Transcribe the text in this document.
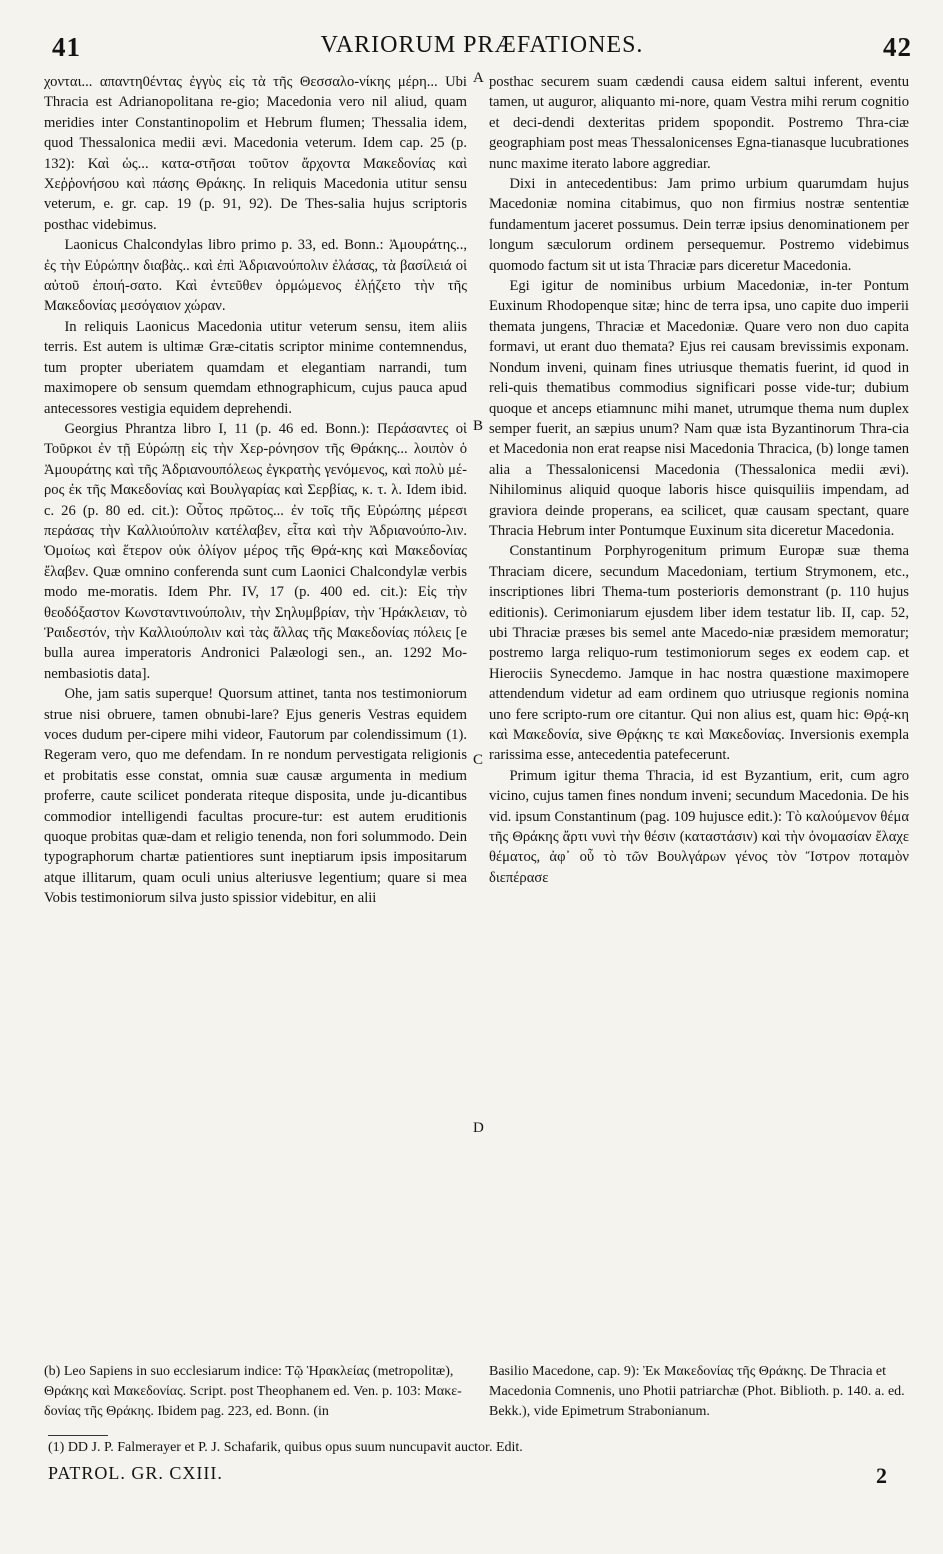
41	VARIORUM PRÆFATIONES.	42

χονται... απαντη0έντας ἐγγὺς εἰς τὰ τῆς Θεσσαλο-νίκης μέρη... Ubi Thracia est Adrianopolitana re-gio; Macedonia vero nil aliud, quam meridies inter Constantinopolim et Hebrum flumen; Thessalia idem, quod Thessalonica medii ævi. Macedonia veterum. Idem cap. 25 (p. 132): Καὶ ὡς... κατα-στῆσαι τοῦτον ἄρχοντα Μακεδονίας καὶ Χεῤῥονήσου καὶ πάσης Θράκης. In reliquis Macedonia utitur sensu veterum, e. gr. cap. 19 (p. 91, 92). De Thes-salia hujus scriptoris posthac videbimus.

Laonicus Chalcondylas libro primo p. 33, ed. Bonn.: Ἀμουράτης.., ἐς τὴν Εὐρώπην διαβὰς.. καὶ ἐπὶ Ἀδριανούπολιν ἐλάσας, τὰ βασίλειά οἱ αὐτοῦ ἐποιή-σατο. Καὶ ἐντεῦθεν ὁρμώμενος ἐλῄζετο τὴν τῆς Μακεδονίας μεσόγαιον χώραν.

In reliquis Laonicus Macedonia utitur veterum sensu, item aliis terris. Est autem is ultimæ Græ-citatis scriptor minime contemnendus, tum propter uberiatem quamdam et elegantiam narrandi, tum maximopere ob sensum quemdam ethnographicum, cujus pauca apud antecessores vestigia equidem deprehendi.

Georgius Phrantza libro I, 11 (p. 46 ed. Bonn.): Περάσαντες οἱ Τοῦρκοι ἐν τῇ Εὐρώπῃ εἰς τὴν Χερ-ρόνησον τῆς Θράκης... λοιπὸν ὁ Ἀμουράτης καὶ τῆς Ἀδριανουπόλεως ἐγκρατὴς γενόμενος, καὶ πολὺ μέ-ρος ἐκ τῆς Μακεδονίας καὶ Βουλγαρίας καὶ Σερβίας, κ. τ. λ. Idem ibid. c. 26 (p. 80 ed. cit.): Οὗτος πρῶτος... ἐν τοῖς τῆς Εὐρώπης μέρεσι περάσας τὴν Καλλιούπολιν κατέλαβεν, εἶτα καὶ τὴν Ἀδριανούπο-λιν. Ὁμοίως καὶ ἕτερον οὐκ ὀλίγον μέρος τῆς Θρά-κης καὶ Μακεδονίας ἔλαβεν. Quæ omnino conferenda sunt cum Laonici Chalcondylæ verbis modo me-moratis. Idem Phr. IV, 17 (p. 400 ed. cit.): Εἰς τὴν θεοδόξαστον Κωνσταντινούπολιν, τὴν Σηλυμβρίαν, τὴν Ἡράκλειαν, τὸ Ῥαιδεστόν, τὴν Καλλιούπολιν καὶ τὰς ἄλλας τῆς Μακεδονίας πόλεις [e bulla aurea imperatoris Andronici Palæologi sen., an. 1292 Mo-nembasiotis data].

Ohe, jam satis superque! Quorsum attinet, tanta nos testimoniorum strue nisi obruere, tamen obnubi-lare? Ejus generis Vestras equidem voces dudum per-cipere mihi videor, Fautorum par colendissimum (1). Regeram vero, quo me defendam. In re nondum pervestigata religionis et probitatis esse constat, omnia suæ causæ argumenta in medium proferre, caute scilicet ponderata riteque disposita, unde ju-dicantibus commodior intelligendi facultas procure-tur: est autem eruditionis quoque probitas quæ-dam et religio tenenda, non fori solummodo. Dein typographorum chartæ patientiores sunt ineptiarum ipsis impositarum atque illitarum, quam oculi unius alteriusve legentium; quare si mea Vobis testimoniorum silva justo spissior videbitur, en alii

A
B
C
D

posthac securem suam cædendi causa eidem saltui inferent, eventu tamen, ut auguror, aliquanto mi-nore, quam Vestra mihi rerum cognitio et deci-dendi dexteritas pridem spopondit. Postremo Thra-ciæ geographiam post meas Thessalonicenses Egna-tianasque lucubrationes nunc maxime iterato labore aggrediar.

Dixi in antecedentibus: Jam primo urbium quarumdam hujus Macedoniæ nomina citabimus, quo non firmius nostræ sententiæ fundamentum jaceret possumus. Dein terræ ipsius denominationem per longum sæculorum ordinem persequemur. Postremo videbimus quomodo factum sit ut ista Thraciæ pars diceretur Macedonia.

Egi igitur de nominibus urbium Macedoniæ, in-ter Pontum Euxinum Rhodopenque sitæ; hinc de terra ipsa, uno capite duo imperii themata jungens, Thraciæ et Macedoniæ. Quare vero non duo capita formavi, ut erant duo themata? Ejus rei causam brevissimis exponam. Nondum inveni, quinam fines utriusque thematis fuerint, id quod in reli-quis thematibus commodius significari posse vide-tur; dubium quoque et anceps etiamnunc mihi manet, utrumque thema num duplex semper fuerit, an sæpius unum? Nam quæ ista Byzantinorum Thra-cia et Macedonia non erat reapse nisi Macedonia Thracica, (b) longe tamen alia a Thessalonicensi Macedonia (Thessalonica medii ævi). Nihilominus aliquid quoque laboris hisce quisquiliis impendam, ad graviora deinde properans, ea scilicet, quæ causam spectant, quare Thracia Hebrum inter Pontumque Euxinum sita diceretur Macedonia.

Constantinum Porphyrogenitum primum Europæ suæ thema Thraciam dicere, secundum Macedoniam, tertium Strymonem, etc., inscriptiones libri Thema-tum posterioris demonstrant (p. 110 hujus editionis). Cerimoniarum ejusdem liber idem testatur lib. II, cap. 52, ubi Thraciæ præses bis semel ante Macedo-niæ præsidem memoratur; postremo larga reliquo-rum testimoniorum seges ex eodem cap. et Hierociis Synecdemo. Jamque in hac nostra quæstione maximopere attendendum videtur ad eam ordinem quo utriusque regionis nomina uno fere scripto-rum ore citantur. Qui non alius est, quam hic: Θρᾴ-κη καὶ Μακεδονία, sive Θρᾴκης τε καὶ Μακεδονίας. Inversionis exempla rarissima esse, antecedentia patefecerunt.

Primum igitur thema Thracia, id est Byzantium, erit, cum agro vicino, cujus tamen fines nondum inveni; secundum Macedonia. De his vid. ipsum Constantinum (pag. 109 hujusce edit.): Τὸ καλούμενον θέμα τῆς Θράκης ἄρτι νυνὶ τὴν θέσιν (καταστάσιν) καὶ τὴν ὀνομασίαν ἔλαχε θέματος, ἀφ᾽ οὗ τὸ τῶν Βουλγάρων γένος τὸν Ἴστρον ποταμὸν διεπέρασε

(b) Leo Sapiens in suo ecclesiarum indice: Τῷ Ἡρακλείας (metropolitæ), Θράκης καὶ Μακεδονίας. Script. post Theophanem ed. Ven. p. 103: Μακε-δονίας τῆς Θράκης. Ibidem pag. 223, ed. Bonn. (in

Basilio Macedone, cap. 9): Ἐκ Μακεδονίας τῆς Θράκης. De Thracia et Macedonia Comnenis, uno Photii patriarchæ (Phot. Biblioth. p. 140. a. ed. Bekk.), vide Epimetrum Strabonianum.

(1) DD J. P. Falmerayer et P. J. Schafarik, quibus opus suum nuncupavit auctor. Edit.
PATROL. GR. CXIII.	2
